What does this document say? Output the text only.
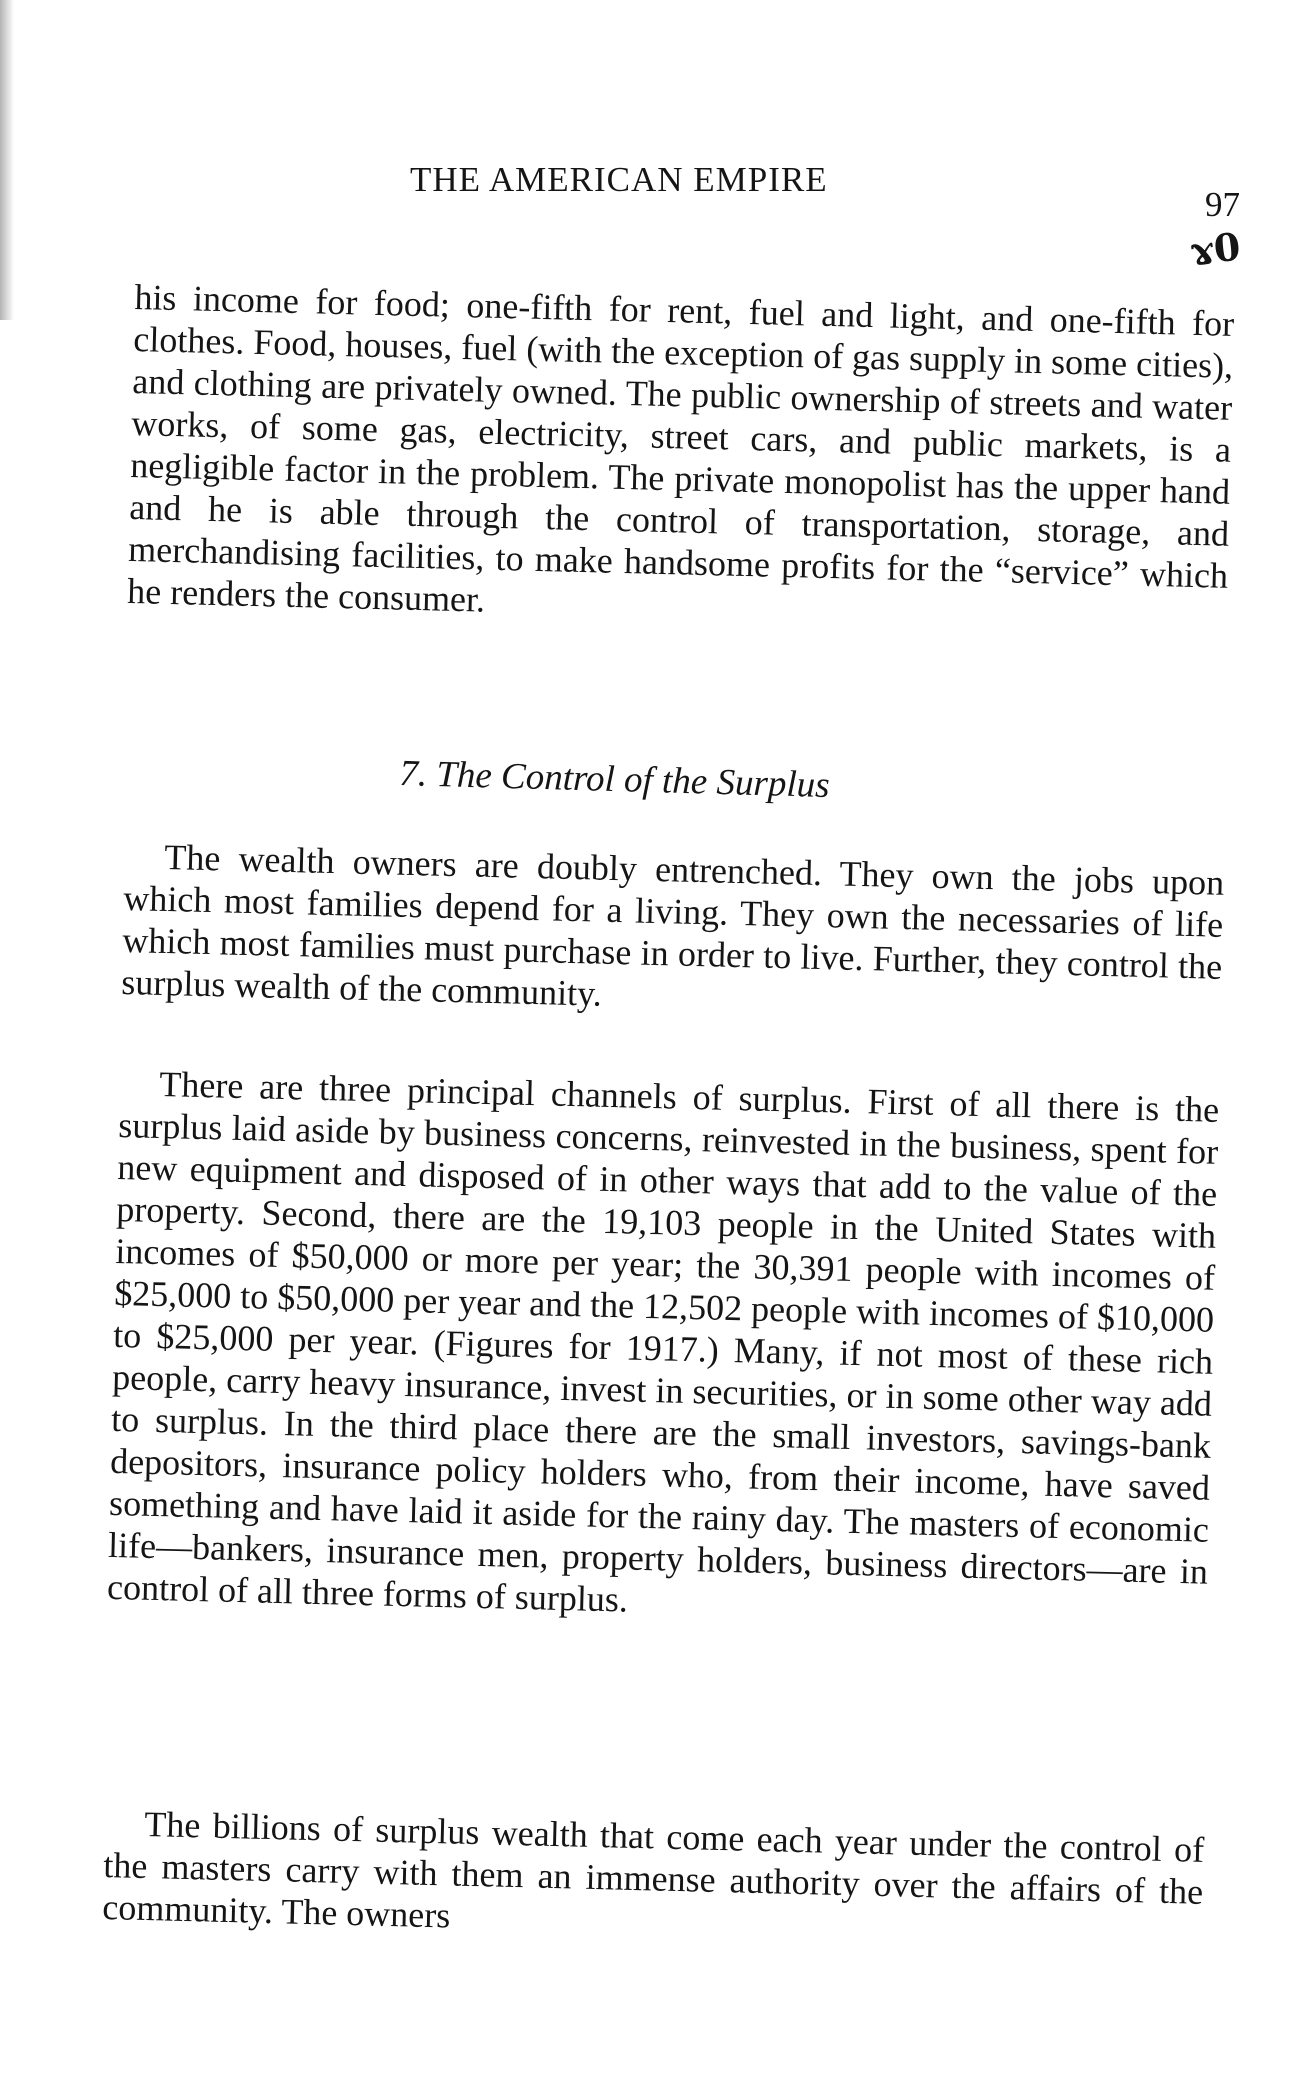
THE AMERICAN EMPIRE
97
ɤ0
his income for food; one-fifth for rent, fuel and light, and one-fifth for clothes. Food, houses, fuel (with the exception of gas supply in some cities), and clothing are privately owned. The public ownership of streets and water works, of some gas, electricity, street cars, and public markets, is a negligible factor in the problem. The private monopolist has the upper hand and he is able through the control of transportation, storage, and merchandising facilities, to make handsome profits for the “service” which he renders the consumer.
7. The Control of the Surplus
The wealth owners are doubly entrenched. They own the jobs upon which most families depend for a living. They own the necessaries of life which most families must purchase in order to live. Further, they control the surplus wealth of the community.
There are three principal channels of surplus. First of all there is the surplus laid aside by business concerns, reinvested in the business, spent for new equipment and disposed of in other ways that add to the value of the property. Second, there are the 19,103 people in the United States with incomes of $50,000 or more per year; the 30,391 people with incomes of $25,000 to $50,000 per year and the 12,502 people with incomes of $10,000 to $25,000 per year. (Figures for 1917.) Many, if not most of these rich people, carry heavy insurance, invest in securities, or in some other way add to surplus. In the third place there are the small investors, savings-bank depositors, insurance policy holders who, from their income, have saved something and have laid it aside for the rainy day. The masters of economic life—bankers, insurance men, property holders, business directors—are in control of all three forms of surplus.
The billions of surplus wealth that come each year under the control of the masters carry with them an immense authority over the affairs of the community. The owners
